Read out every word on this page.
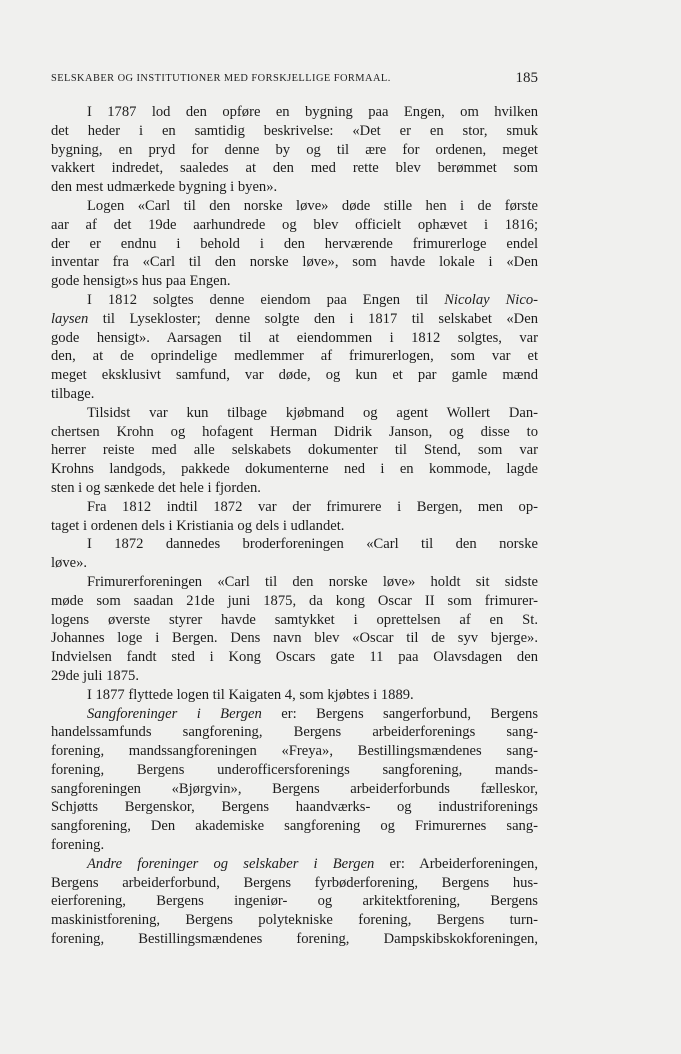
SELSKABER OG INSTITUTIONER MED FORSKJELLIGE FORMAAL.	185
I 1787 lod den opføre en bygning paa Engen, om hvilken
det heder i en samtidig beskrivelse: «Det er en stor, smuk
bygning, en pryd for denne by og til ære for ordenen, meget
vakkert indredet, saaledes at den med rette blev berømmet som
den mest udmærkede bygning i byen».
Logen «Carl til den norske løve» døde stille hen i de første
aar af det 19de aarhundrede og blev officielt ophævet i 1816;
der er endnu i behold i den herværende frimurerloge endel
inventar fra «Carl til den norske løve», som havde lokale i «Den
gode hensigt»s hus paa Engen.
I 1812 solgtes denne eiendom paa Engen til Nicolay Nico-
laysen til Lysekloster; denne solgte den i 1817 til selskabet «Den
gode hensigt». Aarsagen til at eiendommen i 1812 solgtes, var
den, at de oprindelige medlemmer af frimurerlogen, som var et
meget eksklusivt samfund, var døde, og kun et par gamle mænd
tilbage.
Tilsidst var kun tilbage kjøbmand og agent Wollert Dan-
chertsen Krohn og hofagent Herman Didrik Janson, og disse to
herrer reiste med alle selskabets dokumenter til Stend, som var
Krohns landgods, pakkede dokumenterne ned i en kommode, lagde
sten i og sænkede det hele i fjorden.
Fra 1812 indtil 1872 var der frimurere i Bergen, men op-
taget i ordenen dels i Kristiania og dels i udlandet.
I 1872 dannedes broderforeningen «Carl til den norske
løve».
Frimurerforeningen «Carl til den norske løve» holdt sit sidste
møde som saadan 21de juni 1875, da kong Oscar II som frimurer-
logens øverste styrer havde samtykket i oprettelsen af en St.
Johannes loge i Bergen. Dens navn blev «Oscar til de syv bjerge».
Indvielsen fandt sted i Kong Oscars gate 11 paa Olavsdagen den
29de juli 1875.
I 1877 flyttede logen til Kaigaten 4, som kjøbtes i 1889.
Sangforeninger i Bergen er: Bergens sangerforbund, Bergens
handelssamfunds sangforening, Bergens arbeiderforenings sang-
forening, mandssangforeningen «Freya», Bestillingsmændenes sang-
forening, Bergens underofficersforenings sangforening, mands-
sangforeningen «Bjørgvin», Bergens arbeiderforbunds fælleskor,
Schjøtts Bergenskor, Bergens haandværks- og industriforenings
sangforening, Den akademiske sangforening og Frimurernes sang-
forening.
Andre foreninger og selskaber i Bergen er: Arbeiderforeningen,
Bergens arbeiderforbund, Bergens fyrbøderforening, Bergens hus-
eierforening, Bergens ingeniør- og arkitektforening, Bergens
maskinistforening, Bergens polytekniske forening, Bergens turn-
forening, Bestillingsmændenes forening, Dampskibskokforeningen,
